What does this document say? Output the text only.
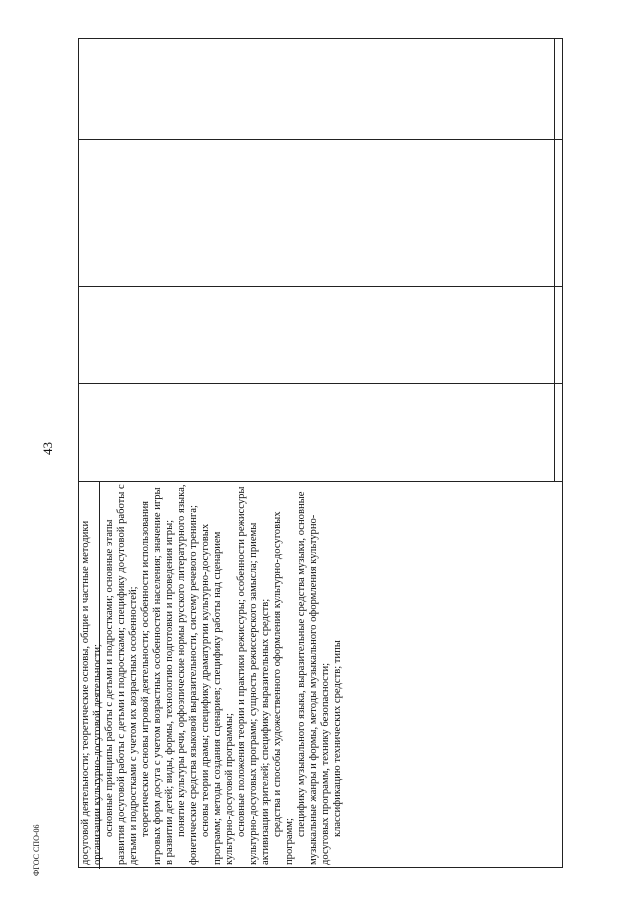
43
ФГОС СПО-06	досуговой деятельности; теоретические основы, общие и частные методики организации культурно-досуговой деятельности; основные принципы работы с детьми и подростками; основные этапы развития досуговой работы с детьми и подростками; специфику досуговой работы с детьми и подростками с учетом их возрастных особенностей; теоретические основы игровой деятельности; особенности использования игровых форм досуга с учетом возрастных особенностей населения; значение игры в развитии детей; виды, формы, технологию подготовки и проведения игры; понятие культуры речи, орфоэпические нормы русского литературного языка, фонетические средства языковой выразительности, систему речевого тренинга; основы теории драмы; специфику драматургии культурно-досуговых программ; методы создания сценариев; специфику работы над сценарием культурно-досуговой программы; основные положения теории и практики режиссуры; особенности режиссуры культурно-досуговых программ; сущность режиссерского замысла; приемы активизации зрителей; специфику выразительных средств; средства и способы художественного оформления культурно-досуговых программ;

специфику музыкального языка, выразительные средства музыки, основные музыкальные жанры и формы, методы музыкального оформления культурно-досуговых программ, технику безопасности; классификацию технических средств; типы
